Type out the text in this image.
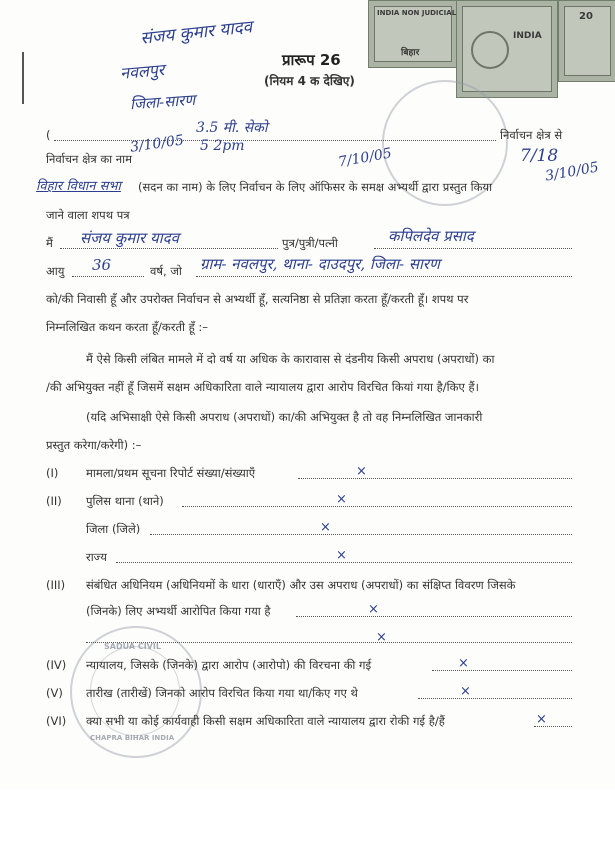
INDIA NON JUDICIAL
बिहार
INDIA
20
SADUA CIVIL
CHAPRA BIHAR INDIA
संजय कुमार यादव
नवलपुर
जिला-सारण
प्रारूप 26
(नियम 4 क देखिए)
(	निर्वाचन क्षेत्र से
3.5 मी. सेको
निर्वाचन क्षेत्र का नाम
3/10/05 5 2pm	7/10/05	7/18
3/10/05
विहार विधान सभा (सदन का नाम) के लिए निर्वाचन के लिए ऑफिसर के समक्ष अभ्यर्थी द्वारा प्रस्तुत किया
जाने वाला शपथ पत्र
मैं संजय कुमार यादव	पुत्र/पुत्री/पत्नी	कपिलदेव प्रसाद
आयु 36	वर्ष, जो ग्राम- नवलपुर, थाना- दाउदपुर, जिला- सारण
को/की निवासी हूँ और उपरोक्त निर्वाचन से अभ्यर्थी हूँ, सत्यनिष्ठा से प्रतिज्ञा करता हूँ/करती हूँ। शपथ पर
निम्नलिखित कथन करता हूँ/करती हूँ :–
मैं ऐसे किसी लंबित मामले में दो वर्ष या अधिक के कारावास से दंडनीय किसी अपराध (अपराधों) का
/की अभियुक्त नहीं हूँ जिसमें सक्षम अधिकारिता वाले न्यायालय द्वारा आरोप विरचित कियां गया है/किए हैं।
(यदि अभिसाक्षी ऐसे किसी अपराध (अपराधों) का/की अभियुक्त है तो वह निम्नलिखित जानकारी
प्रस्तुत करेगा/करेगी) :–
(I) मामला/प्रथम सूचना रिपोर्ट संख्या/संख्याएँ	×
(II) पुलिस थाना (थाने)	×
जिला (जिले)	×
राज्य	×
(III) संबंधित अधिनियम (अधिनियमों के धारा (धाराएँ) और उस अपराध (अपराधों) का संक्षिप्त विवरण जिसके
(जिनके) लिए अभ्यर्थी आरोपित किया गया है	×
×
(IV) न्यायालय, जिसके (जिनके) द्वारा आरोप (आरोपो) की विरचना की गई	×
(V) तारीख (तारीखें) जिनको आरोप विरचित किया गया था/किए गए थे	×
(VI) क्या सभी या कोई कार्यवाही किसी सक्षम अधिकारिता वाले न्यायालय द्वारा रोकी गई है/हैं	×
